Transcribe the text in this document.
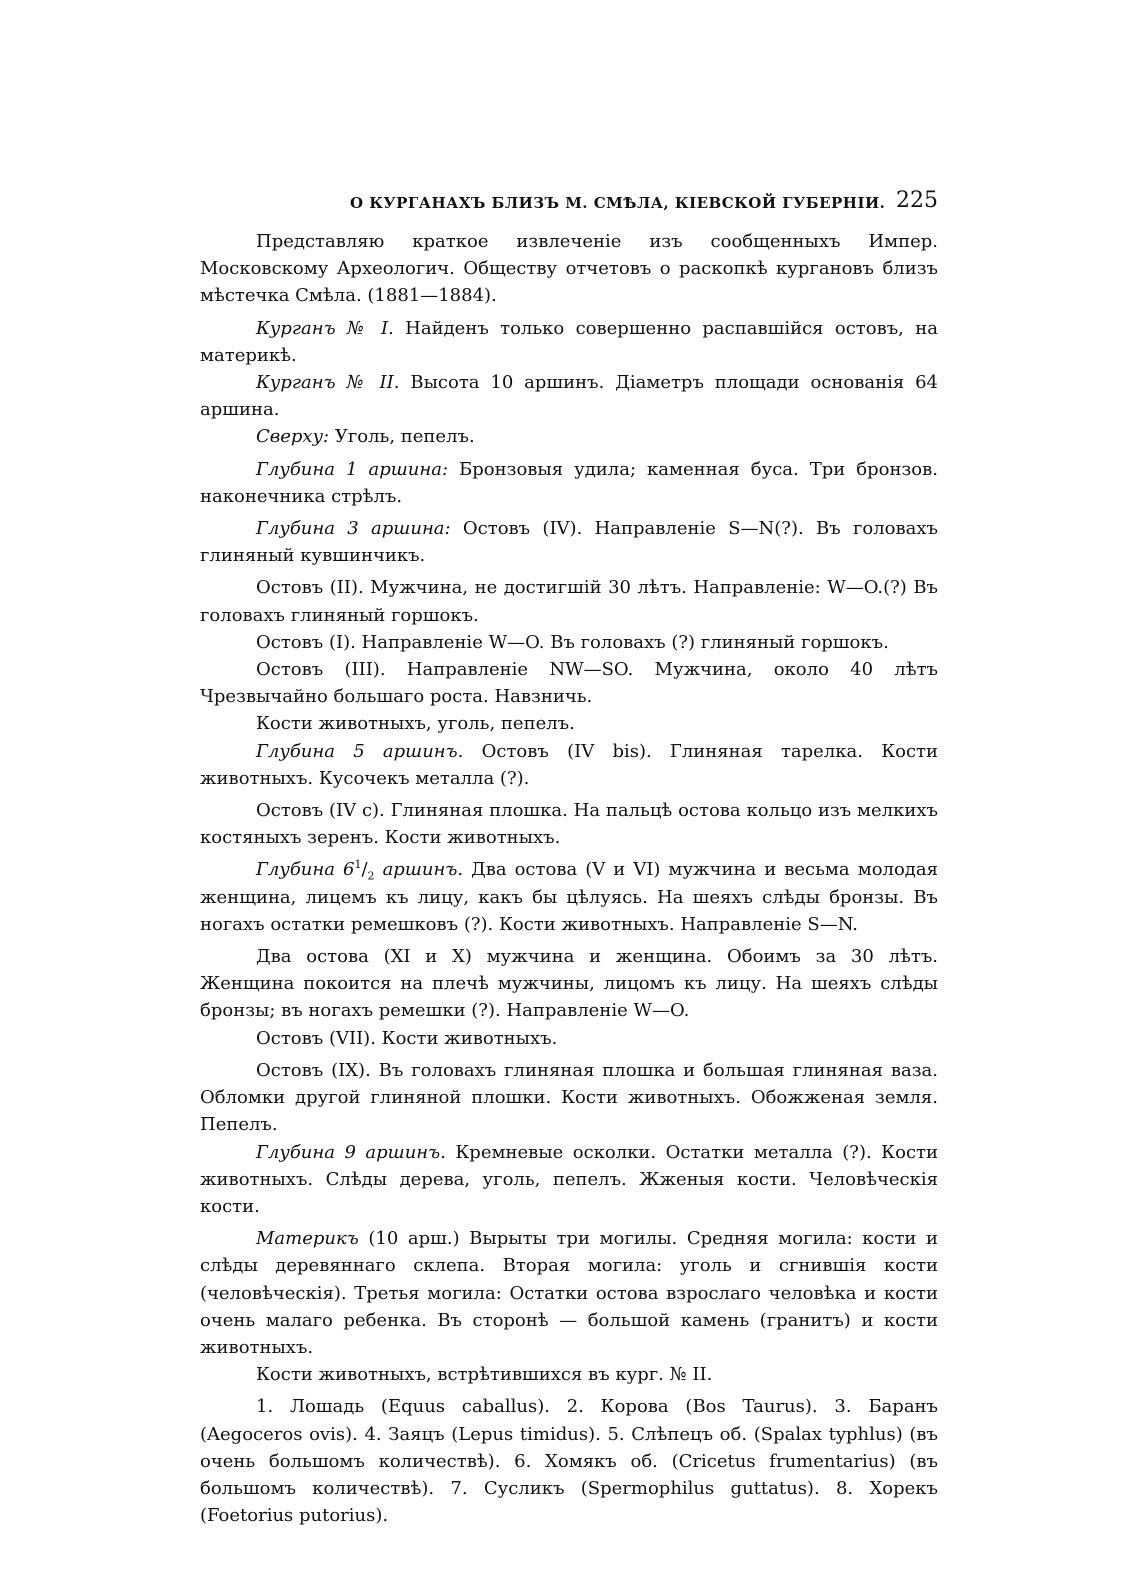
О КУРГАНАХЪ БЛИЗЪ М. СМѢЛА, КІЕВСКОЙ ГУБЕРНІИ. 225

Представляю краткое извлеченіе изъ сообщенныхъ Импер. Московскому Археологич. Обществу отчетовъ о раскопкѣ кургановъ близъ мѣстечка Смѣла. (1881—1884).

Курганъ № I. Найденъ только совершенно распавшійся остовъ, на материкѣ.

Курганъ № II. Высота 10 аршинъ. Діаметръ площади основанія 64 аршина.

Сверху: Уголь, пепелъ.

Глубина 1 аршина: Бронзовыя удила; каменная буса. Три бронзов. наконечника стрѣлъ.

Глубина 3 аршина: Остовъ (IV). Направленіе S—N(?). Въ головахъ глиняный кувшинчикъ.

Остовъ (II). Мужчина, не достигшій 30 лѣтъ. Направленіе: W—O.(?) Въ головахъ глиняный горшокъ.

Остовъ (I). Направленіе W—O. Въ головахъ (?) глиняный горшокъ.

Остовъ (III). Направленіе NW—SO. Мужчина, около 40 лѣтъ Чрезвычайно большаго роста. Навзничь.

Кости животныхъ, уголь, пепелъ.

Глубина 5 аршинъ. Остовъ (IV bis). Глиняная тарелка. Кости животныхъ. Кусочекъ металла (?).

Остовъ (IV с). Глиняная плошка. На пальцѣ остова кольцо изъ мелкихъ костяныхъ зеренъ. Кости животныхъ.

Глубина $6^1/_2$ аршинъ. Два остова (V и VI) мужчина и весьма молодая женщина, лицемъ къ лицу, какъ бы цѣлуясь. На шеяхъ слѣды бронзы. Въ ногахъ остатки ремешковъ (?). Кости животныхъ. Направленіе S—N.

Два остова (XI и X) мужчина и женщина. Обоимъ за 30 лѣтъ. Женщина покоится на плечѣ мужчины, лицомъ къ лицу. На шеяхъ слѣды бронзы; въ ногахъ ремешки (?). Направленіе W—O.

Остовъ (VII). Кости животныхъ.

Остовъ (IX). Въ головахъ глиняная плошка и большая глиняная ваза. Обломки другой глиняной плошки. Кости животныхъ. Обожженая земля. Пепелъ.

Глубина 9 аршинъ. Кремневые осколки. Остатки металла (?). Кости животныхъ. Слѣды дерева, уголь, пепелъ. Жженыя кости. Человѣческія кости.

Материкъ (10 арш.) Вырыты три могилы. Средняя могила: кости и слѣды деревяннаго склепа. Вторая могила: уголь и сгнившія кости (человѣческія). Третья могила: Остатки остова взрослаго человѣка и кости очень малаго ребенка. Въ сторонѣ — большой камень (гранитъ) и кости животныхъ.

Кости животныхъ, встрѣтившихся въ кург. № II.

1. Лошадь (Equus caballus). 2. Корова (Bos Taurus). 3. Баранъ (Aegoceros ovis). 4. Заяцъ (Lepus timidus). 5. Слѣпецъ об. (Spalax typhlus) (въ очень большомъ количествѣ). 6. Хомякъ об. (Cricetus frumentarius) (въ большомъ количествѣ). 7. Сусликъ (Spermophilus guttatus). 8. Хорекъ (Foetorius putorius).
